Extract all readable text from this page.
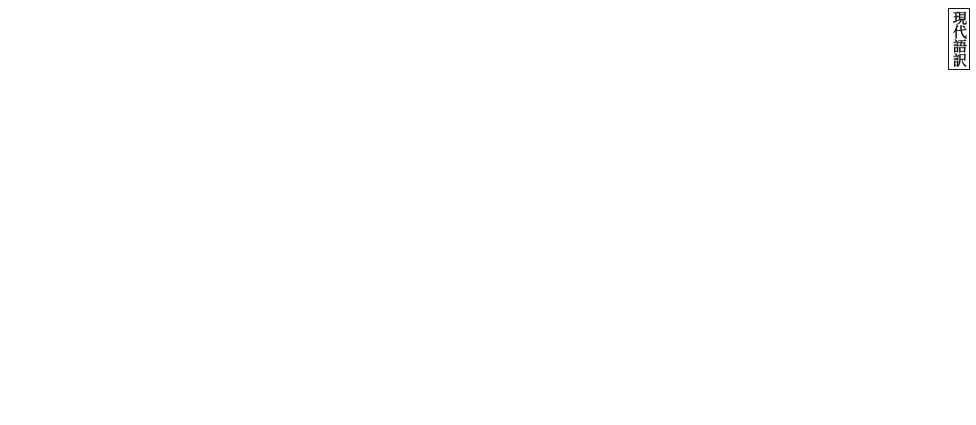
現代語訳
